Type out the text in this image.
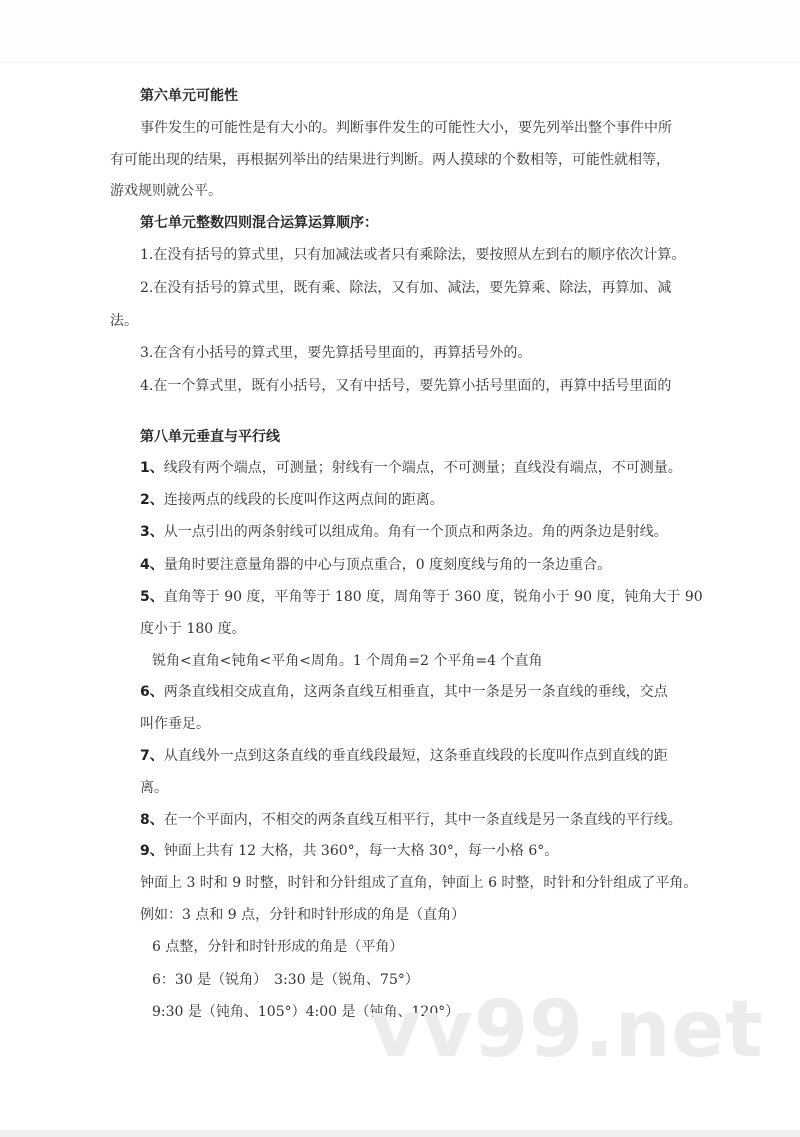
第六单元可能性
事件发生的可能性是有大小的。判断事件发生的可能性大小，要先列举出整个事件中所
有可能出现的结果，再根据列举出的结果进行判断。两人摸球的个数相等，可能性就相等，
游戏规则就公平。
第七单元整数四则混合运算运算顺序：
1.在没有括号的算式里，只有加减法或者只有乘除法，要按照从左到右的顺序依次计算。
2.在没有括号的算式里，既有乘、除法，又有加、减法，要先算乘、除法，再算加、减
法。
3.在含有小括号的算式里，要先算括号里面的，再算括号外的。
4.在一个算式里，既有小括号，又有中括号，要先算小括号里面的，再算中括号里面的
第八单元垂直与平行线
1、线段有两个端点，可测量；射线有一个端点，不可测量；直线没有端点，不可测量。
2、连接两点的线段的长度叫作这两点间的距离。
3、从一点引出的两条射线可以组成角。角有一个顶点和两条边。角的两条边是射线。
4、量角时要注意量角器的中心与顶点重合，0 度刻度线与角的一条边重合。
5、直角等于 90 度，平角等于 180 度，周角等于 360 度，锐角小于 90 度，钝角大于 90
度小于 180 度。
锐角<直角<钝角<平角<周角。1 个周角=2 个平角=4 个直角
6、两条直线相交成直角，这两条直线互相垂直，其中一条是另一条直线的垂线，交点
叫作垂足。
7、从直线外一点到这条直线的垂直线段最短，这条垂直线段的长度叫作点到直线的距
离。
8、在一个平面内，不相交的两条直线互相平行，其中一条直线是另一条直线的平行线。
9、钟面上共有 12 大格，共 360°，每一大格 30°，每一小格 6°。
钟面上 3 时和 9 时整，时针和分针组成了直角，钟面上 6 时整，时针和分针组成了平角。
例如：3 点和 9 点，分针和时针形成的角是（直角）
6 点整，分针和时针形成的角是（平角）
6：30 是（锐角）　3:30 是（锐角、75°）
9:30 是（钝角、105°）4:00 是（钝角、120°）
vv99.net
